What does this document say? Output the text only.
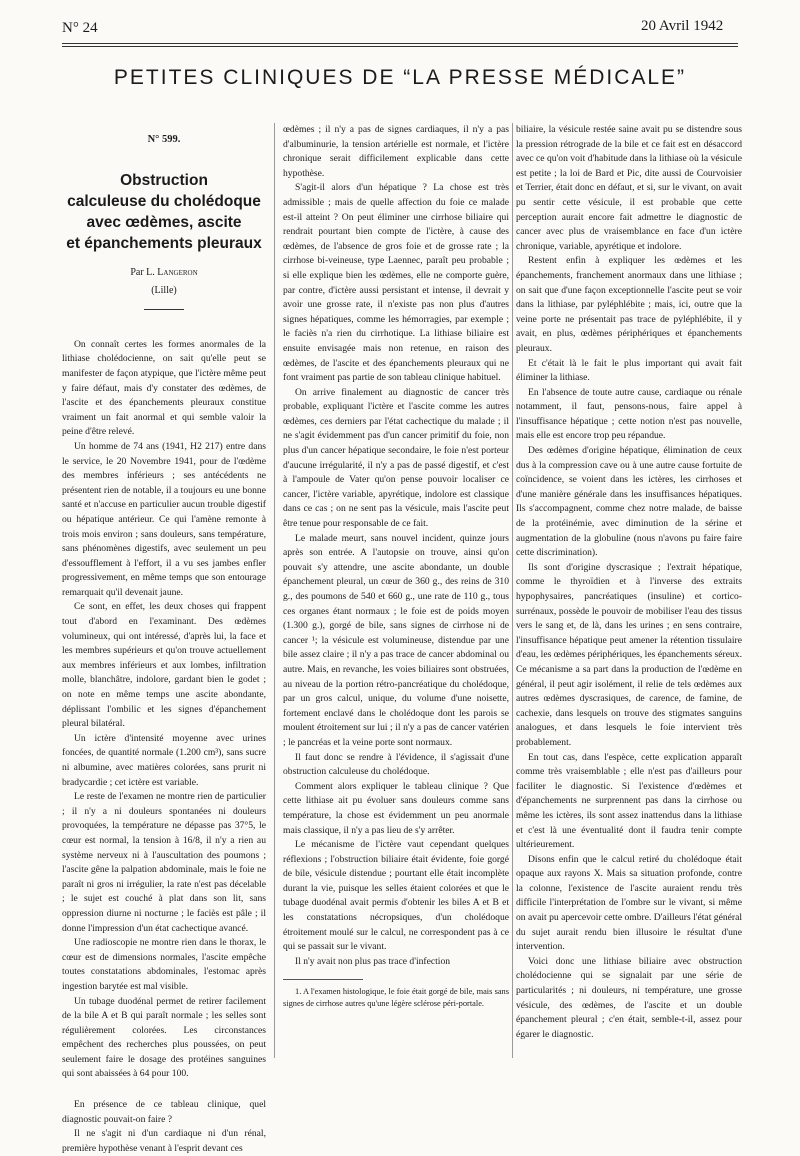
N° 24	20 Avril 1942
PETITES CLINIQUES DE “LA PRESSE MÉDICALE”
N° 599.
Obstruction
calculeuse du cholédoque
avec œdèmes, ascite
et épanchements pleuraux
Par L. Langeron
(Lille)

On connaît certes les formes anormales de la lithiase cholédocienne, on sait qu'elle peut se manifester de façon atypique, que l'ictère même peut y faire défaut, mais d'y constater des œdèmes, de l'ascite et des épanchements pleuraux constitue vraiment un fait anormal et qui semble valoir la peine d'être relevé.

Un homme de 74 ans (1941, H2 217) entre dans le service, le 20 Novembre 1941, pour de l'œdème des membres inférieurs ; ses antécédents ne présentent rien de notable, il a toujours eu une bonne santé et n'accuse en particulier aucun trouble digestif ou hépatique antérieur. Ce qui l'amène remonte à trois mois environ ; sans douleurs, sans température, sans phénomènes digestifs, avec seulement un peu d'essoufflement à l'effort, il a vu ses jambes enfler progressivement, en même temps que son entourage remarquait qu'il devenait jaune.

Ce sont, en effet, les deux choses qui frappent tout d'abord en l'examinant. Des œdèmes volumineux, qui ont intéressé, d'après lui, la face et les membres supérieurs et qu'on trouve actuellement aux membres inférieurs et aux lombes, infiltration molle, blanchâtre, indolore, gardant bien le godet ; on note en même temps une ascite abondante, déplissant l'ombilic et les signes d'épanchement pleural bilatéral.

Un ictère d'intensité moyenne avec urines foncées, de quantité normale (1.200 cm³), sans sucre ni albumine, avec matières colorées, sans prurit ni bradycardie ; cet ictère est variable.

Le reste de l'examen ne montre rien de particulier ; il n'y a ni douleurs spontanées ni douleurs provoquées, la température ne dépasse pas 37°5, le cœur est normal, la tension à 16/8, il n'y a rien au système nerveux ni à l'auscultation des poumons ; l'ascite gêne la palpation abdominale, mais le foie ne paraît ni gros ni irrégulier, la rate n'est pas décelable ; le sujet est couché à plat dans son lit, sans oppression diurne ni nocturne ; le faciès est pâle ; il donne l'impression d'un état cachectique avancé.

Une radioscopie ne montre rien dans le thorax, le cœur est de dimensions normales, l'ascite empêche toutes constatations abdominales, l'estomac après ingestion barytée est mal visible.

Un tubage duodénal permet de retirer facilement de la bile A et B qui paraît normale ; les selles sont régulièrement colorées. Les circonstances empêchent des recherches plus poussées, on peut seulement faire le dosage des protéines sanguines qui sont abaissées à 64 pour 100.

En présence de ce tableau clinique, quel diagnostic pouvait-on faire ?

Il ne s'agit ni d'un cardiaque ni d'un rénal, première hypothèse venant à l'esprit devant ces

œdèmes ; il n'y a pas de signes cardiaques, il n'y a pas d'albuminurie, la tension artérielle est normale, et l'ictère chronique serait difficilement explicable dans cette hypothèse.

S'agit-il alors d'un hépatique ? La chose est très admissible ; mais de quelle affection du foie ce malade est-il atteint ? On peut éliminer une cirrhose biliaire qui rendrait pourtant bien compte de l'ictère, à cause des œdèmes, de l'absence de gros foie et de grosse rate ; la cirrhose bi-veineuse, type Laennec, paraît peu probable ; si elle explique bien les œdèmes, elle ne comporte guère, par contre, d'ictère aussi persistant et intense, il devrait y avoir une grosse rate, il n'existe pas non plus d'autres signes hépatiques, comme les hémorragies, par exemple ; le faciès n'a rien du cirrhotique. La lithiase biliaire est ensuite envisagée mais non retenue, en raison des œdèmes, de l'ascite et des épanchements pleuraux qui ne font vraiment pas partie de son tableau clinique habituel.

On arrive finalement au diagnostic de cancer très probable, expliquant l'ictère et l'ascite comme les autres œdèmes, ces derniers par l'état cachectique du malade ; il ne s'agit évidemment pas d'un cancer primitif du foie, non plus d'un cancer hépatique secondaire, le foie n'est porteur d'aucune irrégularité, il n'y a pas de passé digestif, et c'est à l'ampoule de Vater qu'on pense pouvoir localiser ce cancer, l'ictère variable, apyrétique, indolore est classique dans ce cas ; on ne sent pas la vésicule, mais l'ascite peut être tenue pour responsable de ce fait.

Le malade meurt, sans nouvel incident, quinze jours après son entrée. A l'autopsie on trouve, ainsi qu'on pouvait s'y attendre, une ascite abondante, un double épanchement pleural, un cœur de 360 g., des reins de 310 g., des poumons de 540 et 660 g., une rate de 110 g., tous ces organes étant normaux ; le foie est de poids moyen (1.300 g.), gorgé de bile, sans signes de cirrhose ni de cancer ¹; la vésicule est volumineuse, distendue par une bile assez claire ; il n'y a pas trace de cancer abdominal ou autre. Mais, en revanche, les voies biliaires sont obstruées, au niveau de la portion rétro-pancréatique du cholédoque, par un gros calcul, unique, du volume d'une noisette, fortement enclavé dans le cholédoque dont les parois se moulent étroitement sur lui ; il n'y a pas de cancer vatérien ; le pancréas et la veine porte sont normaux.

Il faut donc se rendre à l'évidence, il s'agissait d'une obstruction calculeuse du cholédoque.

Comment alors expliquer le tableau clinique ? Que cette lithiase ait pu évoluer sans douleurs comme sans température, la chose est évidemment un peu anormale mais classique, il n'y a pas lieu de s'y arrêter.

Le mécanisme de l'ictère vaut cependant quelques réflexions ; l'obstruction biliaire était évidente, foie gorgé de bile, vésicule distendue ; pourtant elle était incomplète durant la vie, puisque les selles étaient colorées et que le tubage duodénal avait permis d'obtenir les biles A et B et les constatations nécropsiques, d'un cholédoque étroitement moulé sur le calcul, ne correspondent pas à ce qui se passait sur le vivant.

Il n'y avait non plus pas trace d'infection

1. A l'examen histologique, le foie était gorgé de bile, mais sans signes de cirrhose autres qu'une légère sclérose péri-portale.

biliaire, la vésicule restée saine avait pu se distendre sous la pression rétrograde de la bile et ce fait est en désaccord avec ce qu'on voit d'habitude dans la lithiase où la vésicule est petite ; la loi de Bard et Pic, dite aussi de Courvoisier et Terrier, était donc en défaut, et si, sur le vivant, on avait pu sentir cette vésicule, il est probable que cette perception aurait encore fait admettre le diagnostic de cancer avec plus de vraisemblance en face d'un ictère chronique, variable, apyrétique et indolore.

Restent enfin à expliquer les œdèmes et les épanchements, franchement anormaux dans une lithiase ; on sait que d'une façon exceptionnelle l'ascite peut se voir dans la lithiase, par pyléphlébite ; mais, ici, outre que la veine porte ne présentait pas trace de pyléphlébite, il y avait, en plus, œdèmes périphériques et épanchements pleuraux.

Et c'était là le fait le plus important qui avait fait éliminer la lithiase.

En l'absence de toute autre cause, cardiaque ou rénale notamment, il faut, pensons-nous, faire appel à l'insuffisance hépatique ; cette notion n'est pas nouvelle, mais elle est encore trop peu répandue.

Des œdèmes d'origine hépatique, élimination de ceux dus à la compression cave ou à une autre cause fortuite de coïncidence, se voient dans les ictères, les cirrhoses et d'une manière générale dans les insuffisances hépatiques. Ils s'accompagnent, comme chez notre malade, de baisse de la protéinémie, avec diminution de la sérine et augmentation de la globuline (nous n'avons pu faire faire cette discrimination).

Ils sont d'origine dyscrasique ; l'extrait hépatique, comme le thyroïdien et à l'inverse des extraits hypophysaires, pancréatiques (insuline) et cortico-surrénaux, possède le pouvoir de mobiliser l'eau des tissus vers le sang et, de là, dans les urines ; en sens contraire, l'insuffisance hépatique peut amener la rétention tissulaire d'eau, les œdèmes périphériques, les épanchements séreux. Ce mécanisme a sa part dans la production de l'œdème en général, il peut agir isolément, il relie de tels œdèmes aux autres œdèmes dyscrasiques, de carence, de famine, de cachexie, dans lesquels on trouve des stigmates sanguins analogues, et dans lesquels le foie intervient très probablement.

En tout cas, dans l'espèce, cette explication apparaît comme très vraisemblable ; elle n'est pas d'ailleurs pour faciliter le diagnostic. Si l'existence d'œdèmes et d'épanchements ne surprennent pas dans la cirrhose ou même les ictères, ils sont assez inattendus dans la lithiase et c'est là une éventualité dont il faudra tenir compte ultérieurement.

Disons enfin que le calcul retiré du cholédoque était opaque aux rayons X. Mais sa situation profonde, contre la colonne, l'existence de l'ascite auraient rendu très difficile l'interprétation de l'ombre sur le vivant, si même on avait pu apercevoir cette ombre. D'ailleurs l'état général du sujet aurait rendu bien illusoire le résultat d'une intervention.

Voici donc une lithiase biliaire avec obstruction cholédocienne qui se signalait par une série de particularités ; ni douleurs, ni température, une grosse vésicule, des œdèmes, de l'ascite et un double épanchement pleural ; c'en était, semble-t-il, assez pour égarer le diagnostic.
